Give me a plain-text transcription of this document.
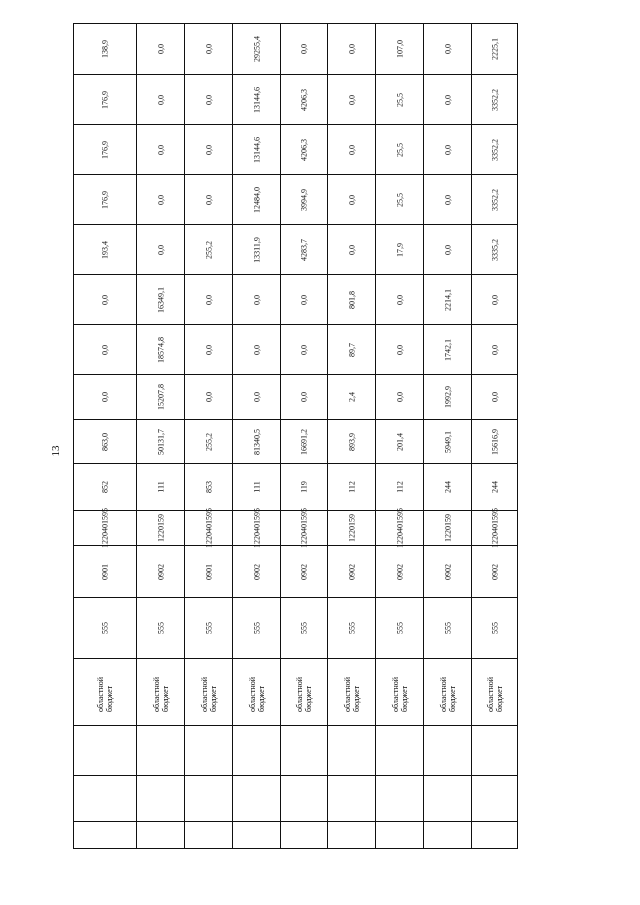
13
138,9	0,0	0,0	29255,4	0,0	0,0	107,0	0,0	2225,1

176,9	0,0	0,0	13144,6	4206,3	0,0	25,5	0,0	3352,2

176,9	0,0	0,0	13144,6	4206,3	0,0	25,5	0,0	3352,2

176,9	0,0	0,0	12484,0	3994,9	0,0	25,5	0,0	3352,2

193,4	0,0	255,2	13311,9	4283,7	0,0	17,9	0,0	3335,2

0,0	16349,1	0,0	0,0	0,0	801,8	0,0	2214,1	0,0

0,0	18574,8	0,0	0,0	0,0	89,7	0,0	1742,1	0,0

0,0	15207,8	0,0	0,0	0,0	2,4	0,0	1992,9	0,0

863,0	50131,7	255,2	81340,5	16691,2	893,9	201,4	5949,1	15616,9

852	111	853	111	119	112	112	244	244

1220401595	1220159	1220401595	1220401595	1220401595	1220159	1220401595	1220159	1220401595

0901	0902	0901	0902	0902	0902	0902	0902	0902

555	555	555	555	555	555	555	555	555

областной бюджет	областной бюджет	областной бюджет	областной бюджет	областной бюджет	областной бюджет	областной бюджет	областной бюджет	областной бюджет
